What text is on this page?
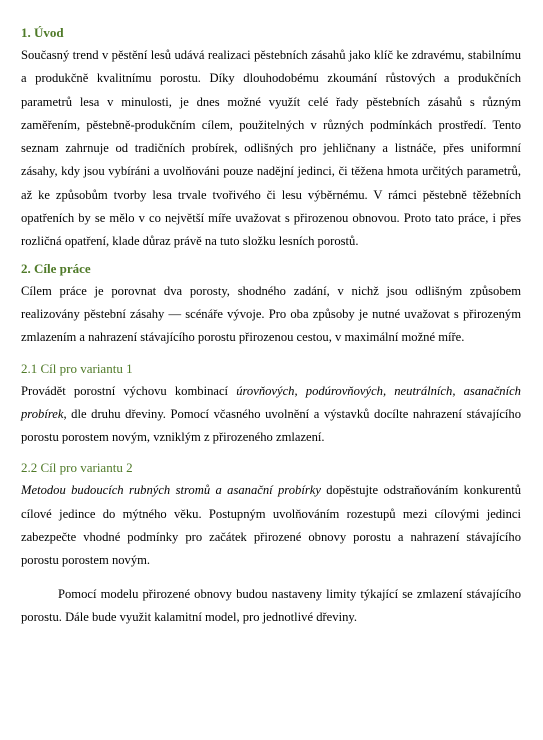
1. Úvod

Současný trend v pěstění lesů udává realizaci pěstebních zásahů jako klíč ke zdravému, stabilnímu a produkčně kvalitnímu porostu. Díky dlouhodobému zkoumání růstových a produkčních parametrů lesa v minulosti, je dnes možné využít celé řady pěstebních zásahů s různým zaměřením, pěstebně-produkčním cílem, použitelných v různých podmínkách prostředí. Tento seznam zahrnuje od tradičních probírek, odlišných pro jehličnany a listnáče, přes uniformní zásahy, kdy jsou vybíráni a uvolňováni pouze nadějní jedinci, či těžena hmota určitých parametrů, až ke způsobům tvorby lesa trvale tvořivého či lesu výběrnému. V rámci pěstebně těžebních opatřeních by se mělo v co největší míře uvažovat s přirozenou obnovou. Proto tato práce, i přes rozličná opatření, klade důraz právě na tuto složku lesních porostů.

2. Cíle práce

Cílem práce je porovnat dva porosty, shodného zadání, v nichž jsou odlišným způsobem realizovány pěstební zásahy — scénáře vývoje. Pro oba způsoby je nutné uvažovat s přirozeným zmlazením a nahrazení stávajícího porostu přirozenou cestou, v maximální možné míře.

2.1 Cíl pro variantu 1

Provádět porostní výchovu kombinací úrovňových, podúrovňových, neutrálních, asanačních probírek, dle druhu dřeviny. Pomocí včasného uvolnění a výstavků docílte nahrazení stávajícího porostu porostem novým, vzniklým z přirozeného zmlazení.

2.2 Cíl pro variantu 2

Metodou budoucích rubných stromů a asanační probírky dopěstujte odstraňováním konkurentů cílové jedince do mýtného věku. Postupným uvolňováním rozestupů mezi cílovými jedinci zabezpečte vhodné podmínky pro začátek přirozené obnovy porostu a nahrazení stávajícího porostu porostem novým.

Pomocí modelu přirozené obnovy budou nastaveny limity týkající se zmlazení stávajícího porostu. Dále bude využit kalamitní model, pro jednotlivé dřeviny.
